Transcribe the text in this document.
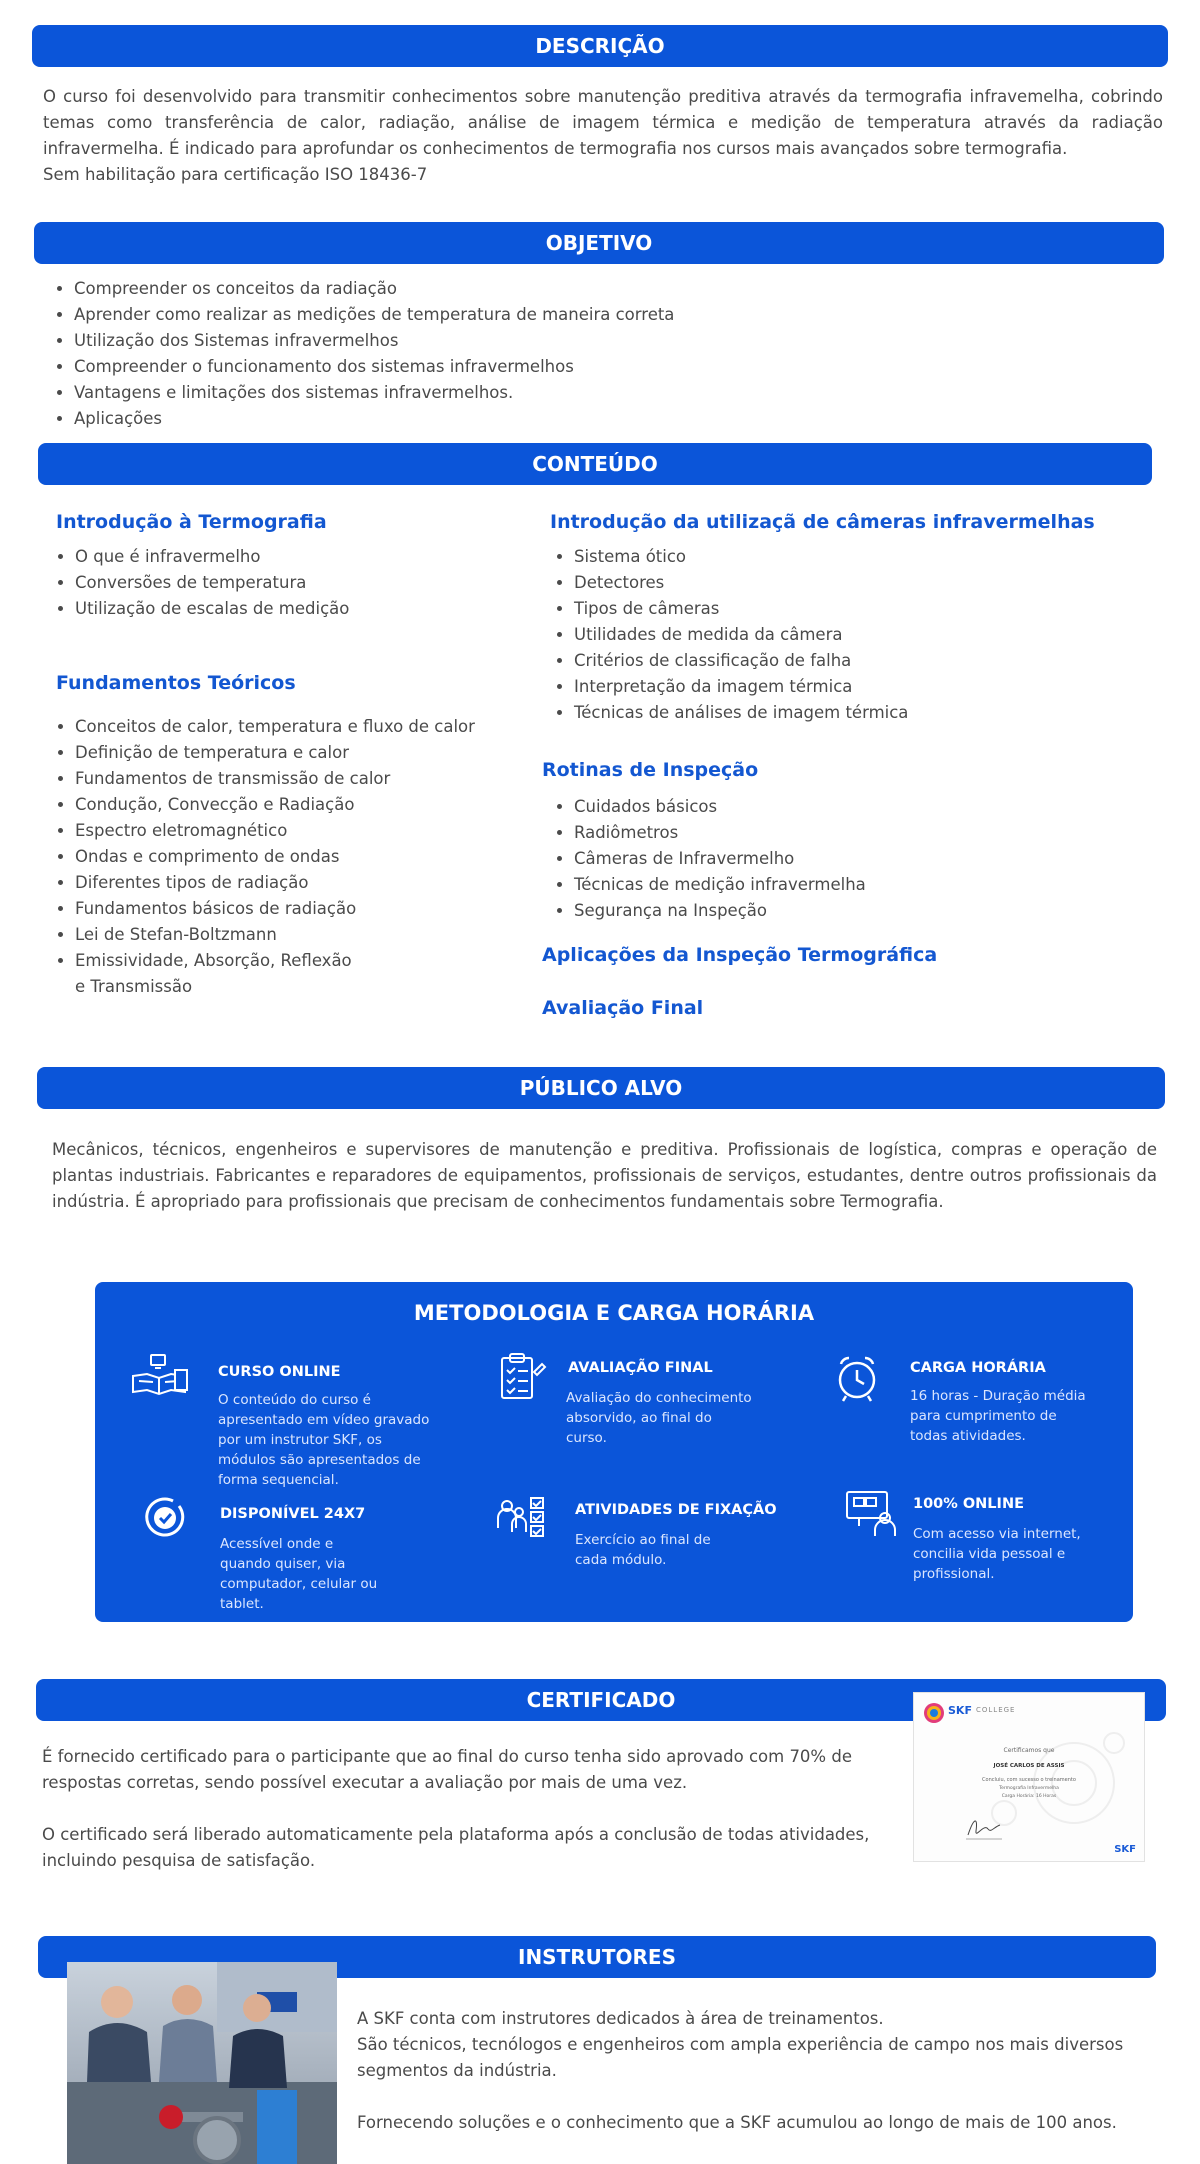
DESCRIÇÃO
O curso foi desenvolvido para transmitir conhecimentos sobre manutenção preditiva através da termografia infravemelha, cobrindo temas como transferência de calor, radiação, análise de imagem térmica e medição de temperatura através da radiação infravermelha. É indicado para aprofundar os conhecimentos de termografia nos cursos mais avançados sobre termografia.
Sem habilitação para certificação ISO 18436-7
OBJETIVO
• Compreender os conceitos da radiação
• Aprender como realizar as medições de temperatura de maneira correta
• Utilização dos Sistemas infravermelhos
• Compreender o funcionamento dos sistemas infravermelhos
• Vantagens e limitações dos sistemas infravermelhos.
• Aplicações
CONTEÚDO
Introdução à Termografia
• O que é infravermelho
• Conversões de temperatura
• Utilização de escalas de medição
Fundamentos Teóricos
• Conceitos de calor, temperatura e fluxo de calor
• Definição de temperatura e calor
• Fundamentos de transmissão de calor
• Condução, Convecção e Radiação
• Espectro eletromagnético
• Ondas e comprimento de ondas
• Diferentes tipos de radiação
• Fundamentos básicos de radiação
• Lei de Stefan-Boltzmann
• Emissividade, Absorção, Reflexão e Transmissão
Introdução da utilizaçã de câmeras infravermelhas
• Sistema ótico
• Detectores
• Tipos de câmeras
• Utilidades de medida da câmera
• Critérios de classificação de falha
• Interpretação da imagem térmica
• Técnicas de análises de imagem térmica
Rotinas de Inspeção
• Cuidados básicos
• Radiômetros
• Câmeras de Infravermelho
• Técnicas de medição infravermelha
• Segurança na Inspeção
Aplicações da Inspeção Termográfica
Avaliação Final
PÚBLICO ALVO
Mecânicos, técnicos, engenheiros e supervisores de manutenção e preditiva. Profissionais de logística, compras e operação de plantas industriais. Fabricantes e reparadores de equipamentos, profissionais de serviços, estudantes, dentre outros profissionais da indústria. É apropriado para profissionais que precisam de conhecimentos fundamentais sobre Termografia.
METODOLOGIA E CARGA HORÁRIA
CURSO ONLINE
O conteúdo do curso é apresentado em vídeo gravado por um instrutor SKF, os módulos são apresentados de forma sequencial.
AVALIAÇÃO FINAL
Avaliação do conhecimento absorvido, ao final do curso.
CARGA HORÁRIA
16 horas - Duração média para cumprimento de todas atividades.
DISPONÍVEL 24X7
Acessível onde e quando quiser, via computador, celular ou tablet.
ATIVIDADES DE FIXAÇÃO
Exercício ao final de cada módulo.
100% ONLINE
Com acesso via internet, concilia vida pessoal e profissional.
CERTIFICADO
É fornecido certificado para o participante que ao final do curso tenha sido aprovado com 70% de respostas corretas, sendo possível executar a avaliação por mais de uma vez.
O certificado será liberado automaticamente pela plataforma após a conclusão de todas atividades, incluindo pesquisa de satisfação.
SKF COLLEGE
Certificamos que
JOSÉ CARLOS DE ASSIS
Concluiu, com sucesso o treinamento
Termografia Infravermelha
Carga Horária: 16 Horas
SKF
INSTRUTORES
A SKF conta com instrutores dedicados à área de treinamentos.
São técnicos, tecnólogos e engenheiros com ampla experiência de campo nos mais diversos segmentos da indústria.
Fornecendo soluções e o conhecimento que a SKF acumulou ao longo de mais de 100 anos.
